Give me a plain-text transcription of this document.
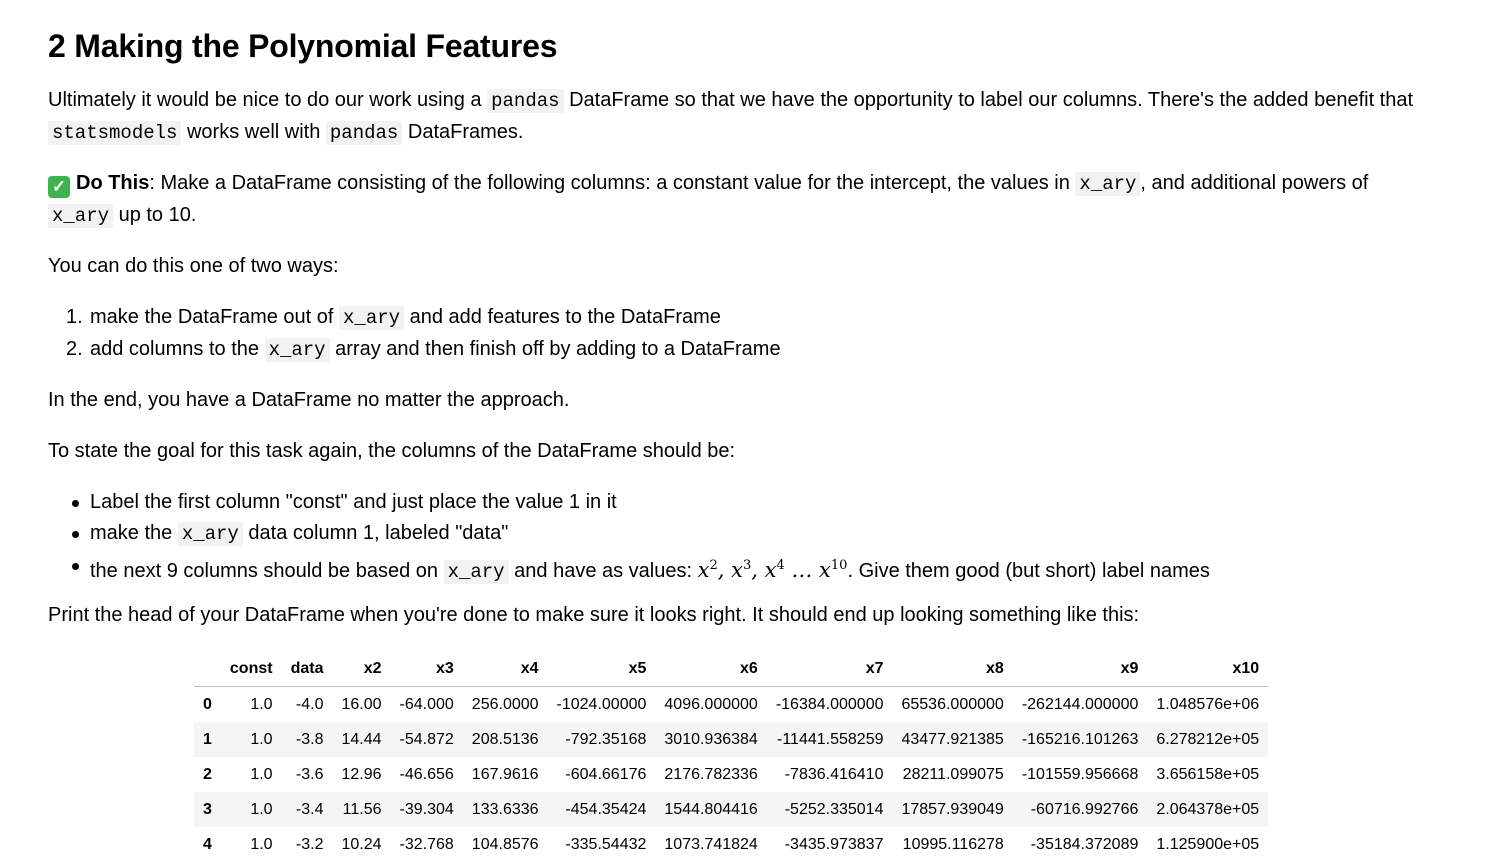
2 Making the Polynomial Features
Ultimately it would be nice to do our work using a pandas DataFrame so that we have the opportunity to label our columns. There's the added benefit that
statsmodels works well with pandas DataFrames.
✓ Do This: Make a DataFrame consisting of the following columns: a constant value for the intercept, the values in x_ary , and additional powers of
x_ary up to 10.
You can do this one of two ways:
1. make the DataFrame out of x_ary and add features to the DataFrame
2. add columns to the x_ary array and then finish off by adding to a DataFrame
In the end, you have a DataFrame no matter the approach.
To state the goal for this task again, the columns of the DataFrame should be:
Label the first column "const" and just place the value 1 in it
make the x_ary data column 1, labeled "data"
the next 9 columns should be based on x_ary and have as values: $x^2$, $x^3$, $x^4$ … $x^{10}$. Give them good (but short) label names
Print the head of your DataFrame when you're done to make sure it looks right. It should end up looking something like this:
	const	data	x2	x3	x4	x5	x6	x7	x8	x9	x10
0	1.0	-4.0	16.00	-64.000	256.0000	-1024.00000	4096.000000	-16384.000000	65536.000000	-262144.000000	1.048576e+06
1	1.0	-3.8	14.44	-54.872	208.5136	-792.35168	3010.936384	-11441.558259	43477.921385	-165216.101263	6.278212e+05
2	1.0	-3.6	12.96	-46.656	167.9616	-604.66176	2176.782336	-7836.416410	28211.099075	-101559.956668	3.656158e+05
3	1.0	-3.4	11.56	-39.304	133.6336	-454.35424	1544.804416	-5252.335014	17857.939049	-60716.992766	2.064378e+05
4	1.0	-3.2	10.24	-32.768	104.8576	-335.54432	1073.741824	-3435.973837	10995.116278	-35184.372089	1.125900e+05
